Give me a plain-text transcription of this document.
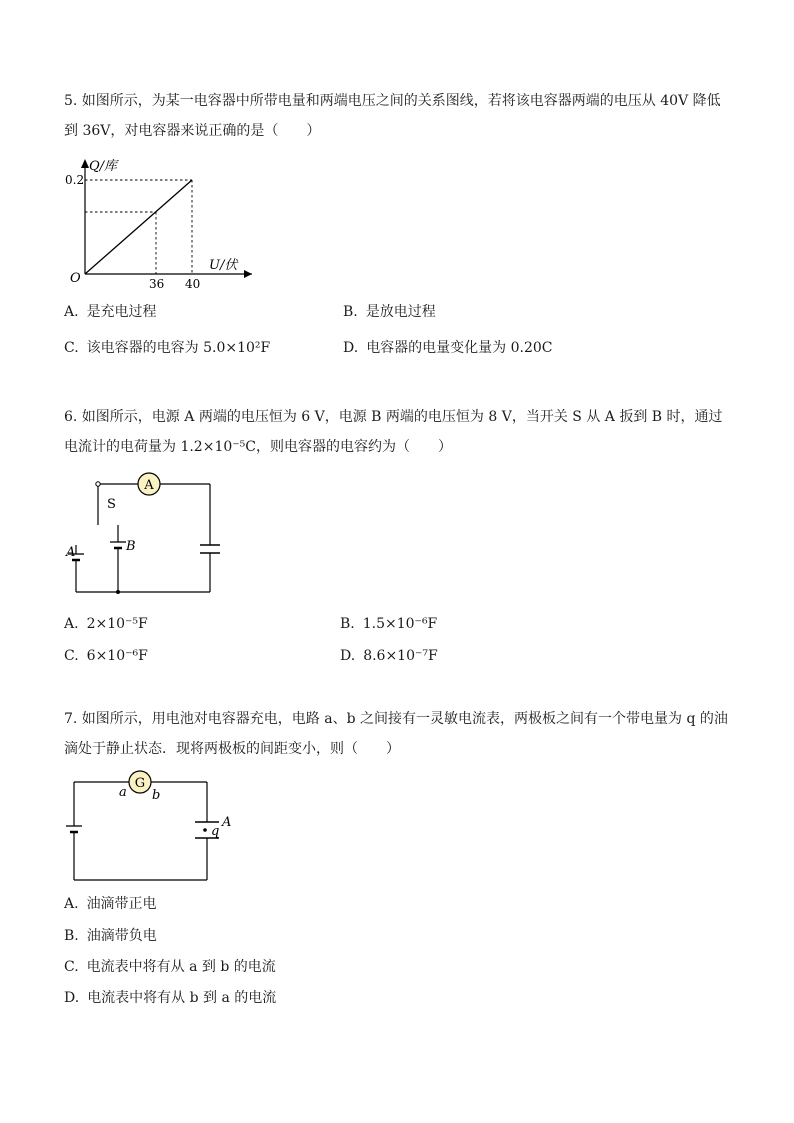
5. 如图所示，为某一电容器中所带电量和两端电压之间的关系图线，若将该电容器两端的电压从 40V 降低到 36V，对电容器来说正确的是（　　）

Q/库
0.2
O	36 40
U/伏
A. 是充电过程	B. 是放电过程
C. 该电容器的电容为 5.0×10²F	D. 电容器的电量变化量为 0.20C

6. 如图所示，电源 A 两端的电压恒为 6 V，电源 B 两端的电压恒为 8 V，当开关 S 从 A 扳到 B 时，通过电流计的电荷量为 1.2×10⁻⁵C，则电容器的电容约为（　　）

A
S
A	B
A. 2×10⁻⁵F	B. 1.5×10⁻⁶F
C. 6×10⁻⁶F	D. 8.6×10⁻⁷F

7. 如图所示，用电池对电容器充电，电路 a、b 之间接有一灵敏电流表，两极板之间有一个带电量为 q 的油滴处于静止状态．现将两极板的间距变小，则（　　）

G
a b
q
A
A. 油滴带正电
B. 油滴带负电
C. 电流表中将有从 a 到 b 的电流
D. 电流表中将有从 b 到 a 的电流
